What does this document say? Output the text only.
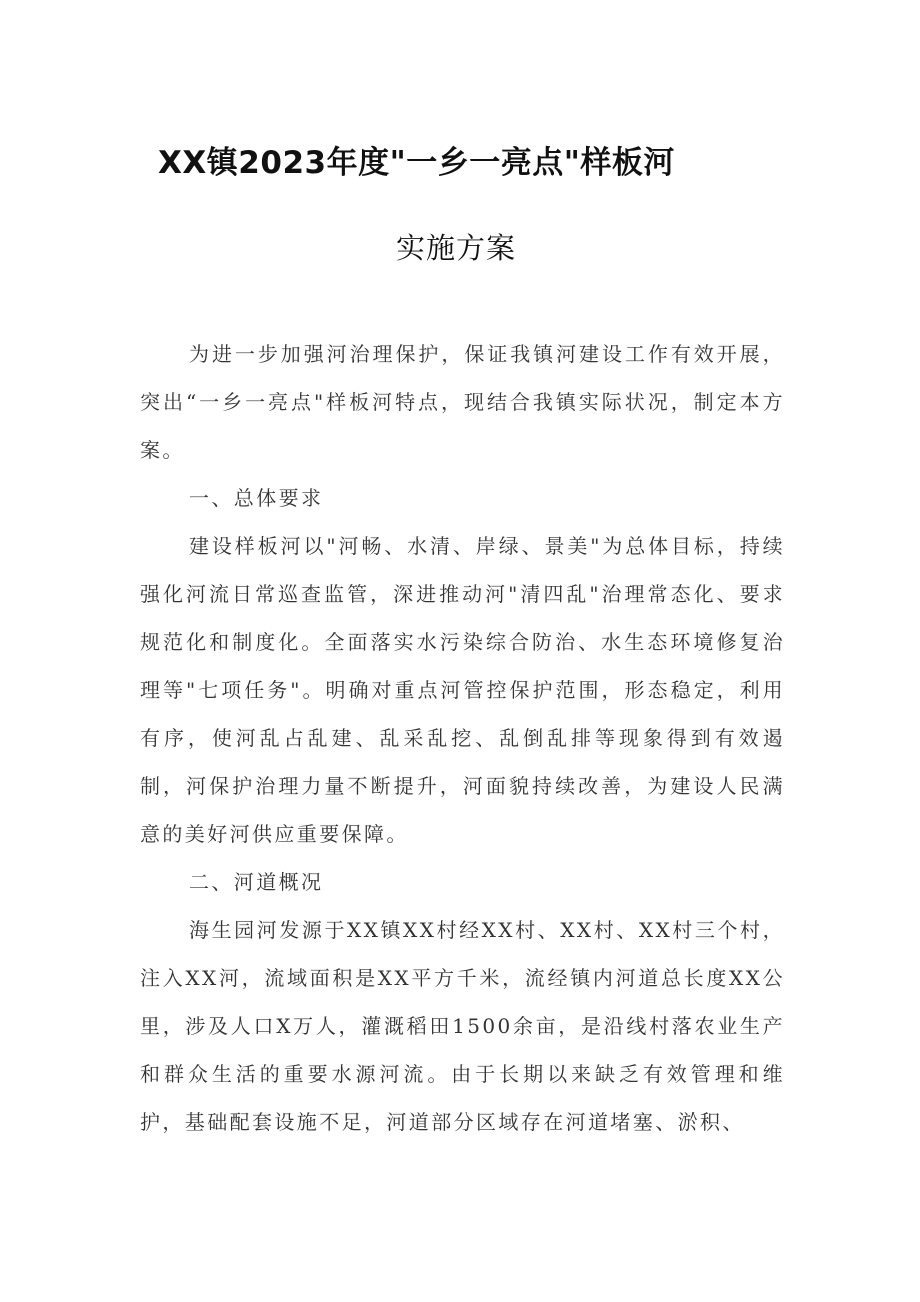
XX镇2023年度"一乡一亮点"样板河
实施方案

为进一步加强河治理保护，保证我镇河建设工作有效开展，突出“一乡一亮点"样板河特点，现结合我镇实际状况，制定本方案。

一、总体要求

建设样板河以"河畅、水清、岸绿、景美"为总体目标，持续强化河流日常巡查监管，深进推动河"清四乱"治理常态化、要求规范化和制度化。全面落实水污染综合防治、水生态环境修复治理等"七项任务"。明确对重点河管控保护范围，形态稳定，利用有序，使河乱占乱建、乱采乱挖、乱倒乱排等现象得到有效遏制，河保护治理力量不断提升，河面貌持续改善，为建设人民满意的美好河供应重要保障。

二、河道概况

海生园河发源于XX镇XX村经XX村、XX村、XX村三个村，注入XX河，流域面积是XX平方千米，流经镇内河道总长度XX公里，涉及人口X万人，灌溉稻田1500余亩，是沿线村落农业生产和群众生活的重要水源河流。由于长期以来缺乏有效管理和维护，基础配套设施不足，河道部分区域存在河道堵塞、淤积、
